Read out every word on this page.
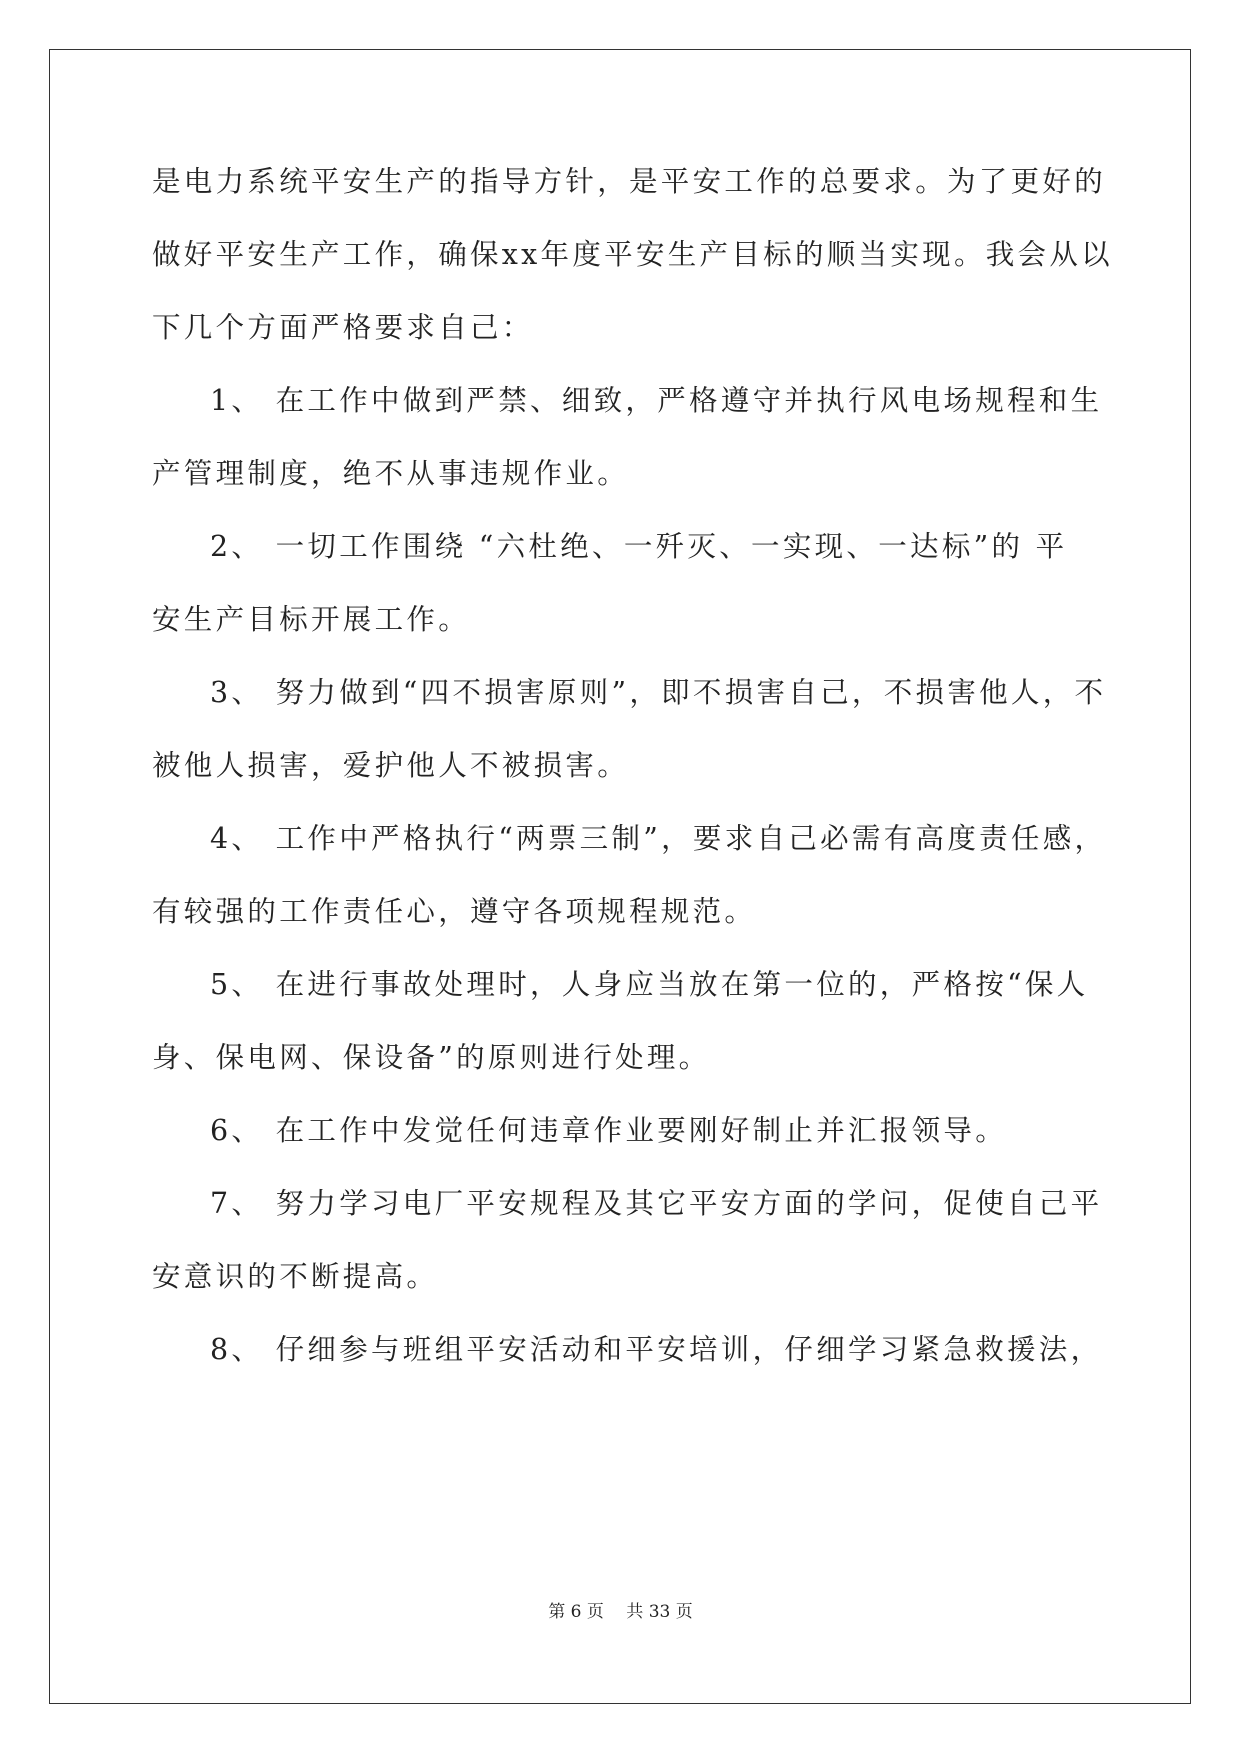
是电力系统平安生产的指导方针，是平安工作的总要求。为了更好的
做好平安生产工作，确保xx年度平安生产目标的顺当实现。我会从以
下几个方面严格要求自己：
1、 在工作中做到严禁、细致，严格遵守并执行风电场规程和生
产管理制度，绝不从事违规作业。
2、 一切工作围绕 “六杜绝、一歼灭、一实现、一达标”的 平
安生产目标开展工作。
3、 努力做到“四不损害原则”，即不损害自己，不损害他人，不
被他人损害，爱护他人不被损害。
4、 工作中严格执行“两票三制”，要求自己必需有高度责任感，
有较强的工作责任心，遵守各项规程规范。
5、 在进行事故处理时，人身应当放在第一位的，严格按“保人
身、保电网、保设备”的原则进行处理。
6、 在工作中发觉任何违章作业要刚好制止并汇报领导。
7、 努力学习电厂平安规程及其它平安方面的学问，促使自己平
安意识的不断提高。
8、 仔细参与班组平安活动和平安培训，仔细学习紧急救援法，
第 6 页　 共 33 页
